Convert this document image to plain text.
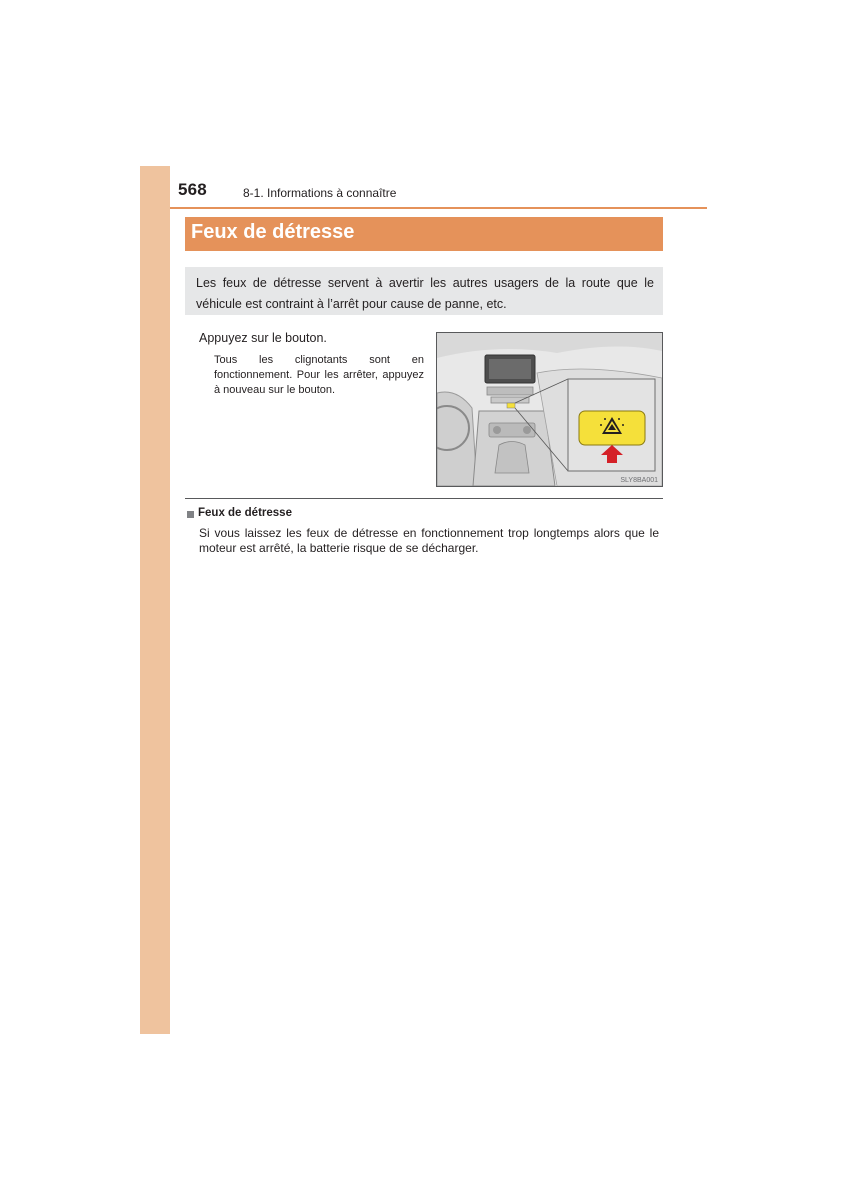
568	8-1. Informations à connaître
Feux de détresse
Les feux de détresse servent à avertir les autres usagers de la route que le véhicule est contraint à l’arrêt pour cause de panne, etc.
Appuyez sur le bouton.
Tous les clignotants sont en fonctionnement. Pour les arrêter, appuyez à nouveau sur le bouton.
SLY8BA001
Feux de détresse
Si vous laissez les feux de détresse en fonctionnement trop longtemps alors que le moteur est arrêté, la batterie risque de se décharger.
